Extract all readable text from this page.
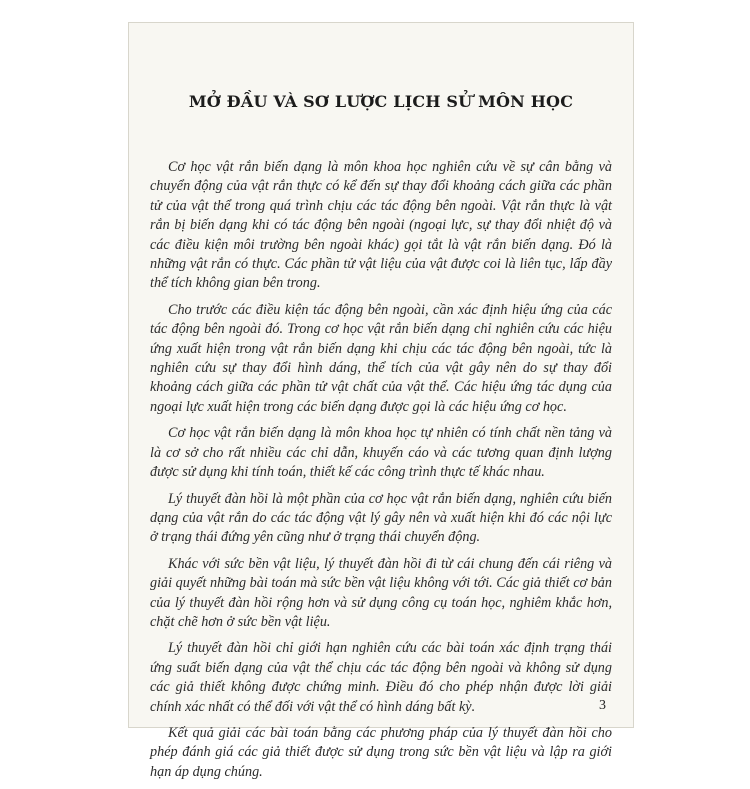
MỞ ĐẦU VÀ SƠ LƯỢC LỊCH SỬ MÔN HỌC

Cơ học vật rắn biến dạng là môn khoa học nghiên cứu về sự cân bằng và chuyển động của vật rắn thực có kể đến sự thay đổi khoảng cách giữa các phần tử của vật thể trong quá trình chịu các tác động bên ngoài. Vật rắn thực là vật rắn bị biến dạng khi có tác động bên ngoài (ngoại lực, sự thay đổi nhiệt độ và các điều kiện môi trường bên ngoài khác) gọi tắt là vật rắn biến dạng. Đó là những vật rắn có thực. Các phần tử vật liệu của vật được coi là liên tục, lấp đầy thể tích không gian bên trong.

Cho trước các điều kiện tác động bên ngoài, cần xác định hiệu ứng của các tác động bên ngoài đó. Trong cơ học vật rắn biến dạng chỉ nghiên cứu các hiệu ứng xuất hiện trong vật rắn biến dạng khi chịu các tác động bên ngoài, tức là nghiên cứu sự thay đổi hình dáng, thể tích của vật gây nên do sự thay đổi khoảng cách giữa các phần tử vật chất của vật thể. Các hiệu ứng tác dụng của ngoại lực xuất hiện trong các biến dạng được gọi là các hiệu ứng cơ học.

Cơ học vật rắn biến dạng là môn khoa học tự nhiên có tính chất nền tảng và là cơ sở cho rất nhiều các chỉ dẫn, khuyến cáo và các tương quan định lượng được sử dụng khi tính toán, thiết kế các công trình thực tế khác nhau.

Lý thuyết đàn hồi là một phần của cơ học vật rắn biến dạng, nghiên cứu biến dạng của vật rắn do các tác động vật lý gây nên và xuất hiện khi đó các nội lực ở trạng thái đứng yên cũng như ở trạng thái chuyển động.

Khác với sức bền vật liệu, lý thuyết đàn hồi đi từ cái chung đến cái riêng và giải quyết những bài toán mà sức bền vật liệu không với tới. Các giả thiết cơ bản của lý thuyết đàn hồi rộng hơn và sử dụng công cụ toán học, nghiêm khắc hơn, chặt chẽ hơn ở sức bền vật liệu.

Lý thuyết đàn hồi chỉ giới hạn nghiên cứu các bài toán xác định trạng thái ứng suất biến dạng của vật thể chịu các tác động bên ngoài và không sử dụng các giả thiết không được chứng minh. Điều đó cho phép nhận được lời giải chính xác nhất có thể đối với vật thể có hình dáng bất kỳ.

Kết quả giải các bài toán bằng các phương pháp của lý thuyết đàn hồi cho phép đánh giá các giả thiết được sử dụng trong sức bền vật liệu và lập ra giới hạn áp dụng chúng.

3
